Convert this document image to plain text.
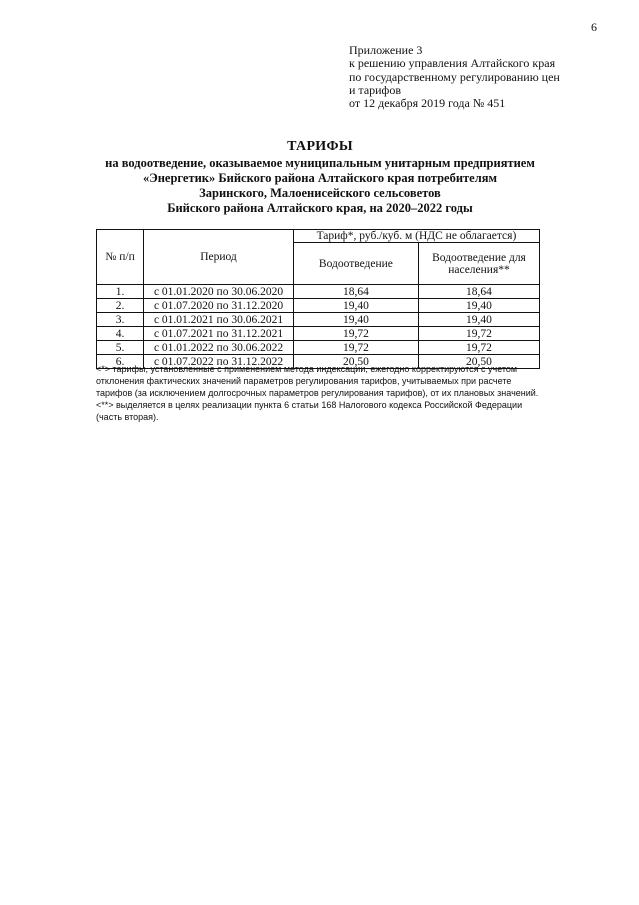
6
Приложение 3
к решению управления Алтайского края
по государственному регулированию цен
и тарифов
от 12 декабря 2019 года № 451
ТАРИФЫ
на водоотведение, оказываемое муниципальным унитарным предприятием
«Энергетик» Бийского района Алтайского края потребителям
Заринского, Малоенисейского сельсоветов
Бийского района Алтайского края, на 2020–2022 годы
№ п/п	Период	Тариф*, руб./куб. м (НДС не облагается)	
		Водоотведение	Водоотведение для населения**
1.	с 01.01.2020 по 30.06.2020	18,64	18,64
2.	с 01.07.2020 по 31.12.2020	19,40	19,40
3.	с 01.01.2021 по 30.06.2021	19,40	19,40
4.	с 01.07.2021 по 31.12.2021	19,72	19,72
5.	с 01.01.2022 по 30.06.2022	19,72	19,72
6.	с 01.07.2022 по 31.12.2022	20,50	20,50
<*> тарифы, установленные с применением метода индексации, ежегодно корректируются с учетом отклонения фактических значений параметров регулирования тарифов, учитываемых при расчете тарифов (за исключением долгосрочных параметров регулирования тарифов), от их плановых значений.
<**> выделяется в целях реализации пункта 6 статьи 168 Налогового кодекса Российской Федерации (часть вторая).
